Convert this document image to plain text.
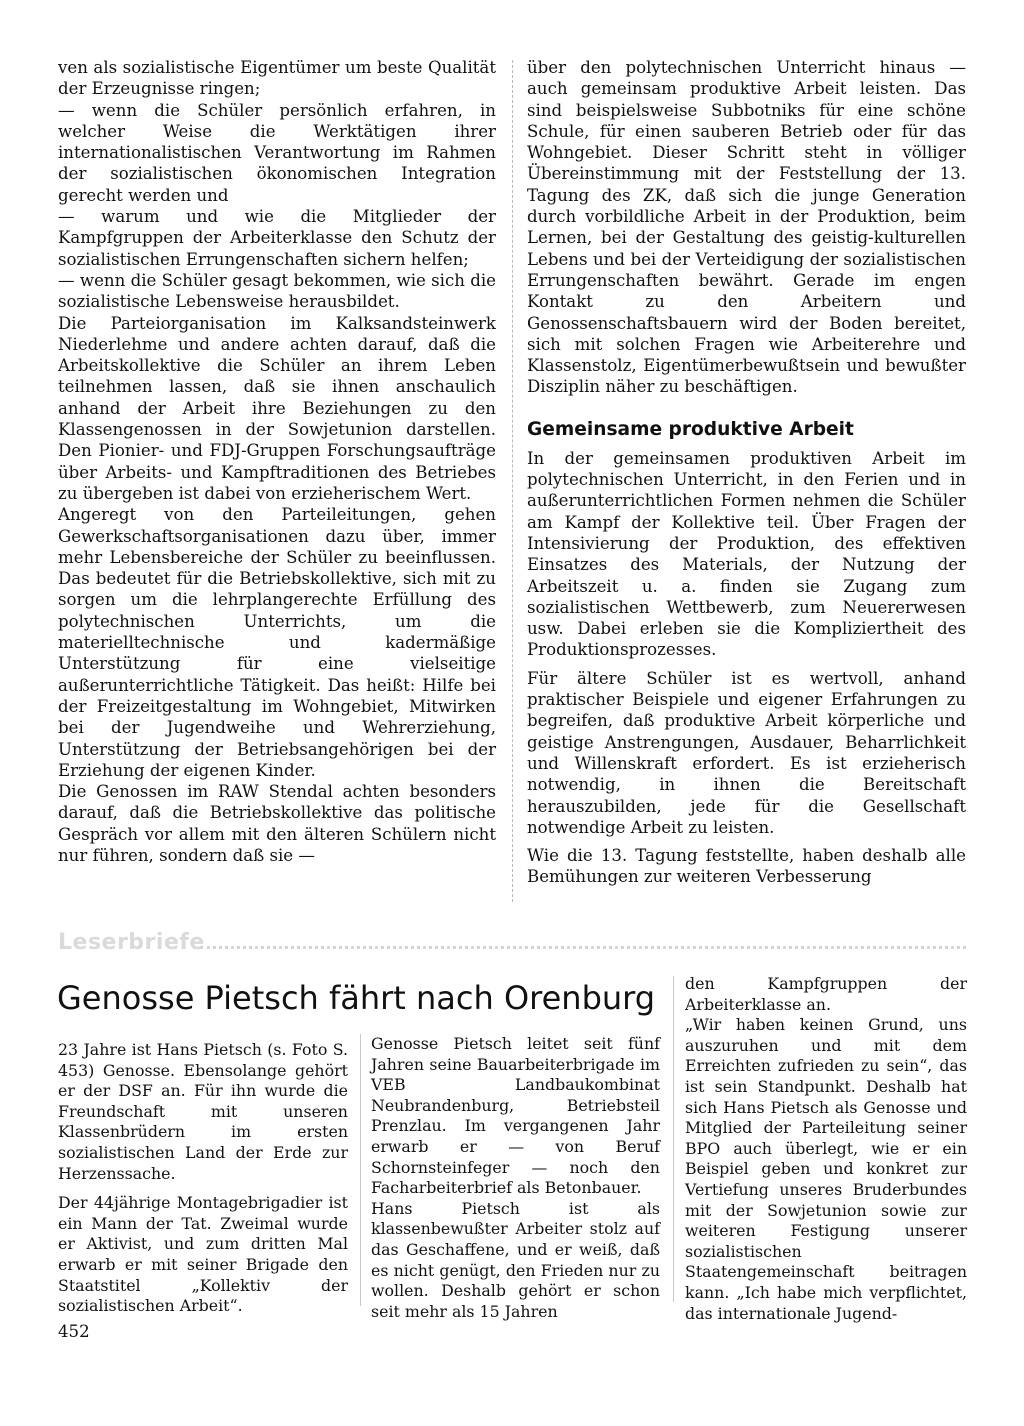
ven als sozialistische Eigentümer um beste Qualität der Erzeugnisse ringen;

— wenn die Schüler persönlich erfahren, in welcher Weise die Werktätigen ihrer internationalistischen Verantwortung im Rahmen der sozialistischen ökonomischen Integration gerecht werden und

— warum und wie die Mitglieder der Kampfgruppen der Arbeiterklasse den Schutz der sozialistischen Errungenschaften sichern helfen;

— wenn die Schüler gesagt bekommen, wie sich die sozialistische Lebensweise herausbildet.

Die Parteiorganisation im Kalksandsteinwerk Niederlehme und andere achten darauf, daß die Arbeitskollektive die Schüler an ihrem Leben teilnehmen lassen, daß sie ihnen anschaulich anhand der Arbeit ihre Beziehungen zu den Klassengenossen in der Sowjetunion darstellen. Den Pionier- und FDJ-Gruppen Forschungsaufträge über Arbeits- und Kampftraditionen des Betriebes zu übergeben ist dabei von erzieherischem Wert.

Angeregt von den Parteileitungen, gehen Gewerkschaftsorganisationen dazu über, immer mehr Lebensbereiche der Schüler zu beeinflussen. Das bedeutet für die Betriebskollektive, sich mit zu sorgen um die lehrplangerechte Erfüllung des polytechnischen Unterrichts, um die materielltechnische und kadermäßige Unterstützung für eine vielseitige außerunterrichtliche Tätigkeit. Das heißt: Hilfe bei der Freizeitgestaltung im Wohngebiet, Mitwirken bei der Jugendweihe und Wehrerziehung, Unterstützung der Betriebsangehörigen bei der Erziehung der eigenen Kinder.

Die Genossen im RAW Stendal achten besonders darauf, daß die Betriebskollektive das politische Gespräch vor allem mit den älteren Schülern nicht nur führen, sondern daß sie —

über den polytechnischen Unterricht hinaus — auch gemeinsam produktive Arbeit leisten. Das sind beispielsweise Subbotniks für eine schöne Schule, für einen sauberen Betrieb oder für das Wohngebiet. Dieser Schritt steht in völliger Übereinstimmung mit der Feststellung der 13. Tagung des ZK, daß sich die junge Generation durch vorbildliche Arbeit in der Produktion, beim Lernen, bei der Gestaltung des geistig-kulturellen Lebens und bei der Verteidigung der sozialistischen Errungenschaften bewährt. Gerade im engen Kontakt zu den Arbeitern und Genossenschaftsbauern wird der Boden bereitet, sich mit solchen Fragen wie Arbeiterehre und Klassenstolz, Eigentümerbewußtsein und bewußter Disziplin näher zu beschäftigen.

Gemeinsame produktive Arbeit

In der gemeinsamen produktiven Arbeit im polytechnischen Unterricht, in den Ferien und in außerunterrichtlichen Formen nehmen die Schüler am Kampf der Kollektive teil. Über Fragen der Intensivierung der Produktion, des effektiven Einsatzes des Materials, der Nutzung der Arbeitszeit u. a. finden sie Zugang zum sozialistischen Wettbewerb, zum Neuererwesen usw. Dabei erleben sie die Kompliziertheit des Produktionsprozesses.

Für ältere Schüler ist es wertvoll, anhand praktischer Beispiele und eigener Erfahrungen zu begreifen, daß produktive Arbeit körperliche und geistige Anstrengungen, Ausdauer, Beharrlichkeit und Willenskraft erfordert. Es ist erzieherisch notwendig, in ihnen die Bereitschaft herauszubilden, jede für die Gesellschaft notwendige Arbeit zu leisten.

Wie die 13. Tagung feststellte, haben deshalb alle Bemühungen zur weiteren Verbesserung

Leserbriefe
Genosse Pietsch fährt nach Orenburg

23 Jahre ist Hans Pietsch (s. Foto S. 453) Genosse. Ebensolange gehört er der DSF an. Für ihn wurde die Freundschaft mit unseren Klassenbrüdern im ersten sozialistischen Land der Erde zur Herzenssache.

Der 44jährige Montagebrigadier ist ein Mann der Tat. Zweimal wurde er Aktivist, und zum dritten Mal erwarb er mit seiner Brigade den Staatstitel „Kollektiv der sozialistischen Arbeit“.

Genosse Pietsch leitet seit fünf Jahren seine Bauarbeiterbrigade im VEB Landbaukombinat Neubrandenburg, Betriebsteil Prenzlau. Im vergangenen Jahr erwarb er — von Beruf Schornsteinfeger — noch den Facharbeiterbrief als Betonbauer.

Hans Pietsch ist als klassenbewußter Arbeiter stolz auf das Geschaffene, und er weiß, daß es nicht genügt, den Frieden nur zu wollen. Deshalb gehört er schon seit mehr als 15 Jahren

den Kampfgruppen der Arbeiterklasse an.

„Wir haben keinen Grund, uns auszuruhen und mit dem Erreichten zufrieden zu sein“, das ist sein Standpunkt. Deshalb hat sich Hans Pietsch als Genosse und Mitglied der Parteileitung seiner BPO auch überlegt, wie er ein Beispiel geben und konkret zur Vertiefung unseres Bruderbundes mit der Sowjetunion sowie zur weiteren Festigung unserer sozialistischen Staatengemeinschaft beitragen kann. „Ich habe mich verpflichtet, das internationale Jugend-

452
